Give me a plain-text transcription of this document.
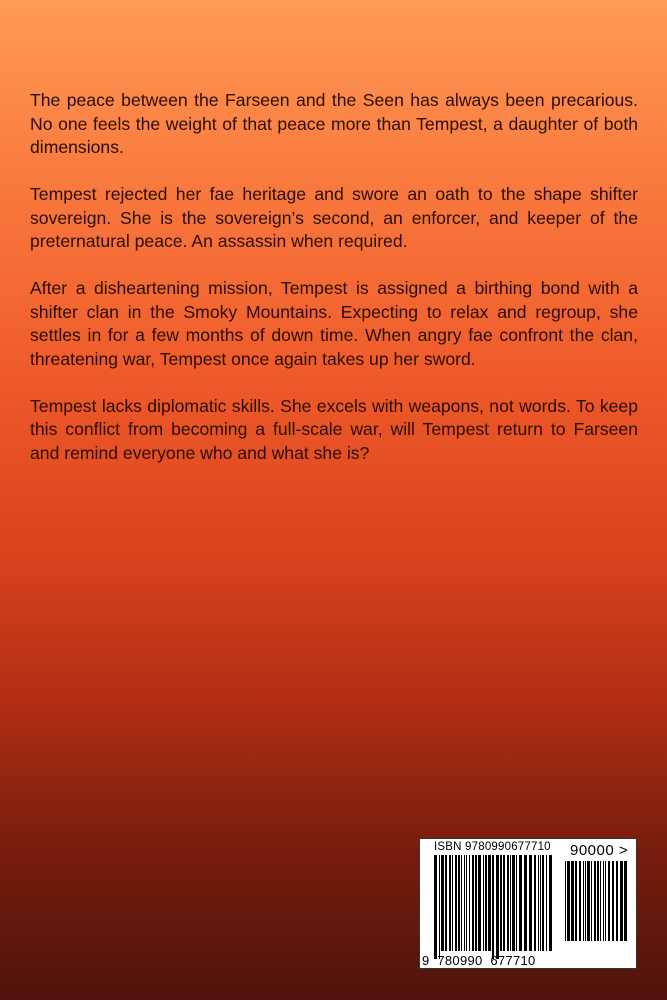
The peace between the Farseen and the Seen has always been precarious. No one feels the weight of that peace more than Tempest, a daughter of both dimensions.

Tempest rejected her fae heritage and swore an oath to the shape shifter sovereign. She is the sovereign’s second, an enforcer, and keeper of the preternatural peace. An assassin when required.

After a disheartening mission, Tempest is assigned a birthing bond with a shifter clan in the Smoky Mountains. Expecting to relax and regroup, she settles in for a few months of down time. When angry fae confront the clan, threatening war, Tempest once again takes up her sword.

Tempest lacks diplomatic skills. She excels with weapons, not words. To keep this conflict from becoming a full-scale war, will Tempest return to Farseen and remind everyone who and what she is?

ISBN 9780990677710 90000 >
9  780990  677710
